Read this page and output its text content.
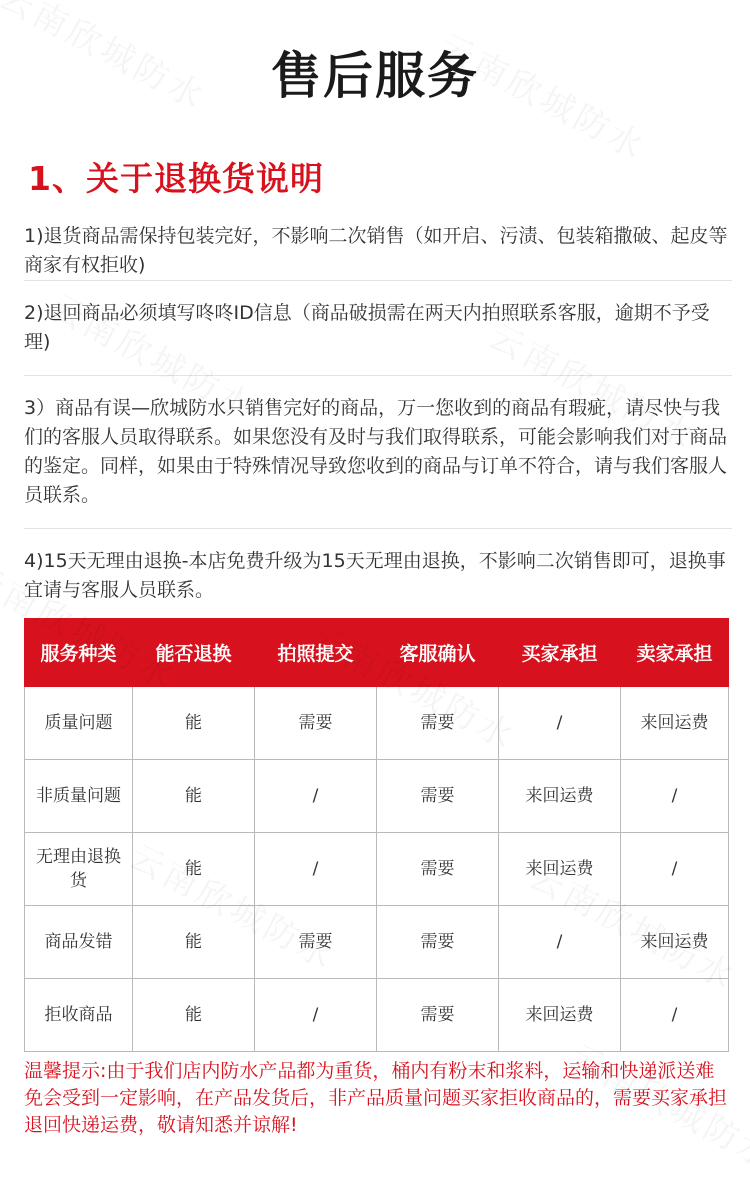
售后服务
1、关于退换货说明

1)退货商品需保持包装完好，不影响二次销售（如开启、污渍、包装箱撒破、起皮等商家有权拒收)

2)退回商品必须填写咚咚ID信息（商品破损需在两天内拍照联系客服，逾期不予受理)

3）商品有误—欣城防水只销售完好的商品，万一您收到的商品有瑕疵，请尽快与我们的客服人员取得联系。如果您没有及时与我们取得联系，可能会影响我们对于商品的鉴定。同样，如果由于特殊情况导致您收到的商品与订单不符合，请与我们客服人员联系。

4)15天无理由退换-本店免费升级为15天无理由退换，不影响二次销售即可，退换事宜请与客服人员联系。

服务种类	能否退换	拍照提交	客服确认	买家承担	卖家承担
质量问题	能	需要	需要	/	来回运费
非质量问题	能	/	需要	来回运费	/
无理由退换货	能	/	需要	来回运费	/
商品发错	能	需要	需要	/	来回运费
拒收商品	能	/	需要	来回运费	/

温馨提示:由于我们店内防水产品都为重货，桶内有粉末和浆料，运输和快递派送难免会受到一定影响，在产品发货后，非产品质量问题买家拒收商品的，需要买家承担退回快递运费，敬请知悉并谅解!
